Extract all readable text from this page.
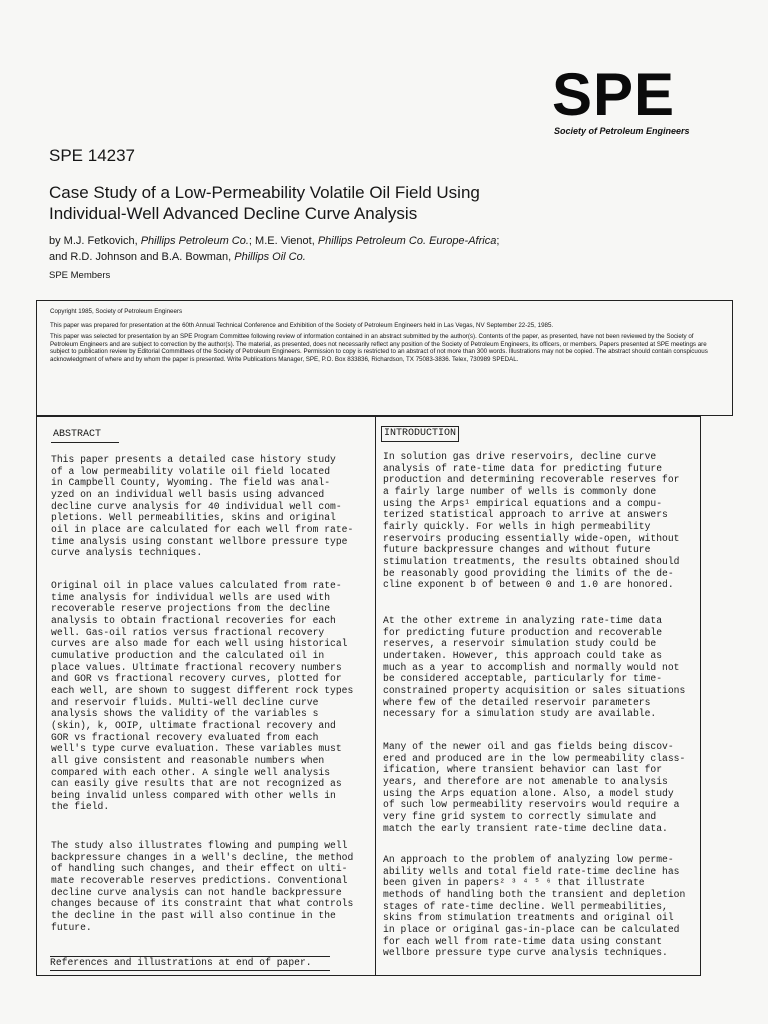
SPE
Society of Petroleum Engineers
SPE 14237
Case Study of a Low-Permeability Volatile Oil Field Using
Individual-Well Advanced Decline Curve Analysis
by M.J. Fetkovich, Phillips Petroleum Co.; M.E. Vienot, Phillips Petroleum Co. Europe-Africa;
and R.D. Johnson and B.A. Bowman, Phillips Oil Co.
SPE Members

Copyright 1985, Society of Petroleum Engineers

This paper was prepared for presentation at the 60th Annual Technical Conference and Exhibition of the Society of Petroleum Engineers held in Las Vegas, NV September 22-25, 1985.

This paper was selected for presentation by an SPE Program Committee following review of information contained in an abstract submitted by the author(s). Contents of the paper, as presented, have not been reviewed by the Society of Petroleum Engineers and are subject to correction by the author(s). The material, as presented, does not necessarily reflect any position of the Society of Petroleum Engineers, its officers, or members. Papers presented at SPE meetings are subject to publication review by Editorial Committees of the Society of Petroleum Engineers. Permission to copy is restricted to an abstract of not more than 300 words. Illustrations may not be copied. The abstract should contain conspicuous acknowledgment of where and by whom the paper is presented. Write Publications Manager, SPE, P.O. Box 833836, Richardson, TX 75083-3836. Telex, 730989 SPEDAL.

ABSTRACT
This paper presents a detailed case history study
of a low permeability volatile oil field located
in Campbell County, Wyoming. The field was anal-
yzed on an individual well basis using advanced
decline curve analysis for 40 individual well com-
pletions. Well permeabilities, skins and original
oil in place are calculated for each well from rate-
time analysis using constant wellbore pressure type
curve analysis techniques.
Original oil in place values calculated from rate-
time analysis for individual wells are used with
recoverable reserve projections from the decline
analysis to obtain fractional recoveries for each
well. Gas-oil ratios versus fractional recovery
curves are also made for each well using historical
cumulative production and the calculated oil in
place values. Ultimate fractional recovery numbers
and GOR vs fractional recovery curves, plotted for
each well, are shown to suggest different rock types
and reservoir fluids. Multi-well decline curve
analysis shows the validity of the variables s
(skin), k, OOIP, ultimate fractional recovery and
GOR vs fractional recovery evaluated from each
well's type curve evaluation. These variables must
all give consistent and reasonable numbers when
compared with each other. A single well analysis
can easily give results that are not recognized as
being invalid unless compared with other wells in
the field.
The study also illustrates flowing and pumping well
backpressure changes in a well's decline, the method
of handling such changes, and their effect on ulti-
mate recoverable reserves predictions. Conventional
decline curve analysis can not handle backpressure
changes because of its constraint that what controls
the decline in the past will also continue in the
future.
References and illustrations at end of paper.
INTRODUCTION
In solution gas drive reservoirs, decline curve
analysis of rate-time data for predicting future
production and determining recoverable reserves for
a fairly large number of wells is commonly done
using the Arps¹ empirical equations and a compu-
terized statistical approach to arrive at answers
fairly quickly. For wells in high permeability
reservoirs producing essentially wide-open, without
future backpressure changes and without future
stimulation treatments, the results obtained should
be reasonably good providing the limits of the de-
cline exponent b of between 0 and 1.0 are honored.
At the other extreme in analyzing rate-time data
for predicting future production and recoverable
reserves, a reservoir simulation study could be
undertaken. However, this approach could take as
much as a year to accomplish and normally would not
be considered acceptable, particularly for time-
constrained property acquisition or sales situations
where few of the detailed reservoir parameters
necessary for a simulation study are available.
Many of the newer oil and gas fields being discov-
ered and produced are in the low permeability class-
ification, where transient behavior can last for
years, and therefore are not amenable to analysis
using the Arps equation alone. Also, a model study
of such low permeability reservoirs would require a
very fine grid system to correctly simulate and
match the early transient rate-time decline data.
An approach to the problem of analyzing low perme-
ability wells and total field rate-time decline has
been given in papers² ³ ⁴ ⁵ ⁶ that illustrate
methods of handling both the transient and depletion
stages of rate-time decline. Well permeabilities,
skins from stimulation treatments and original oil
in place or original gas-in-place can be calculated
for each well from rate-time data using constant
wellbore pressure type curve analysis techniques.
